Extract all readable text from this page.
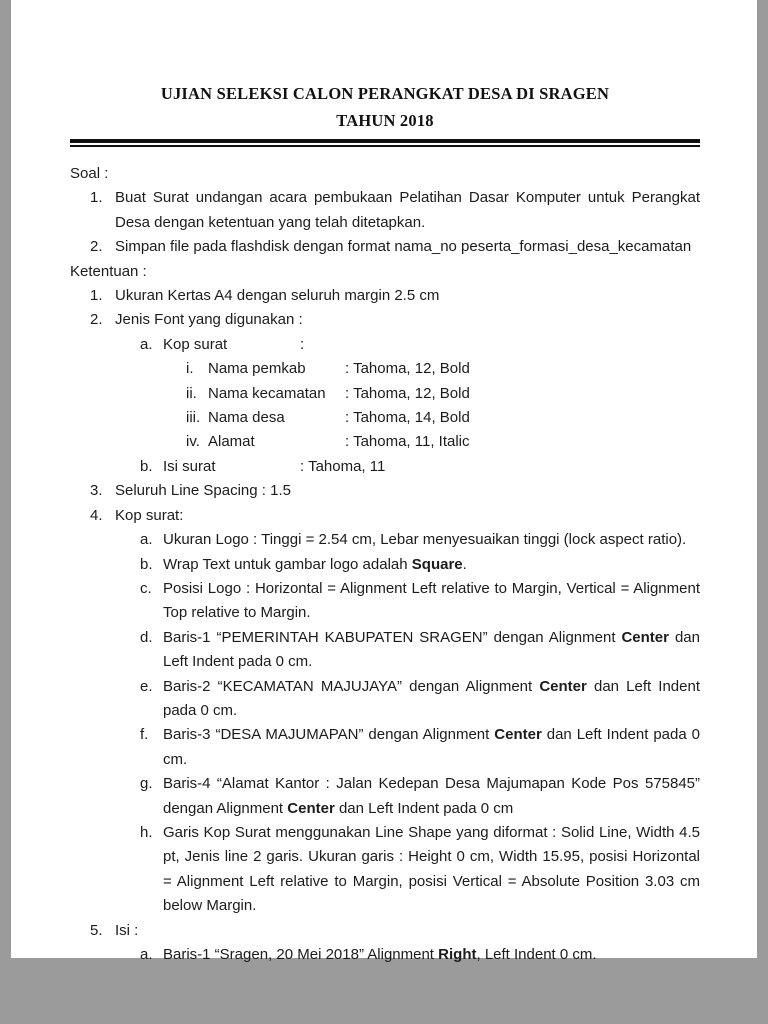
UJIAN SELEKSI CALON PERANGKAT DESA DI SRAGEN
TAHUN 2018
Soal :
1. Buat Surat undangan acara pembukaan Pelatihan Dasar Komputer untuk Perangkat Desa dengan ketentuan yang telah ditetapkan.
2. Simpan file pada flashdisk dengan format nama_no peserta_formasi_desa_kecamatan
Ketentuan :
1. Ukuran Kertas A4 dengan seluruh margin 2.5 cm
2. Jenis Font yang digunakan :
a. Kop surat	:
i. Nama pemkab	: Tahoma, 12, Bold
ii. Nama kecamatan : Tahoma, 12, Bold
iii. Nama desa	: Tahoma, 14, Bold
iv. Alamat	: Tahoma, 11, Italic
b. Isi surat	: Tahoma, 11
3. Seluruh Line Spacing : 1.5
4. Kop surat:
a. Ukuran Logo : Tinggi = 2.54 cm, Lebar menyesuaikan tinggi (lock aspect ratio).
b. Wrap Text untuk gambar logo adalah Square.
c. Posisi Logo : Horizontal = Alignment Left relative to Margin, Vertical = Alignment Top relative to Margin.
d. Baris-1 “PEMERINTAH KABUPATEN SRAGEN” dengan Alignment Center dan Left Indent pada 0 cm.
e. Baris-2 “KECAMATAN MAJUJAYA” dengan Alignment Center dan Left Indent pada 0 cm.
f. Baris-3 “DESA MAJUMAPAN” dengan Alignment Center dan Left Indent pada 0 cm.
g. Baris-4 “Alamat Kantor : Jalan Kedepan Desa Majumapan Kode Pos 575845” dengan Alignment Center dan Left Indent pada 0 cm
h. Garis Kop Surat menggunakan Line Shape yang diformat : Solid Line, Width 4.5 pt, Jenis line 2 garis. Ukuran garis : Height 0 cm, Width 15.95, posisi Horizontal = Alignment Left relative to Margin, posisi Vertical = Absolute Position 3.03 cm below Margin.
5. Isi :
a. Baris-1 “Sragen, 20 Mei 2018” Alignment Right, Left Indent 0 cm.
